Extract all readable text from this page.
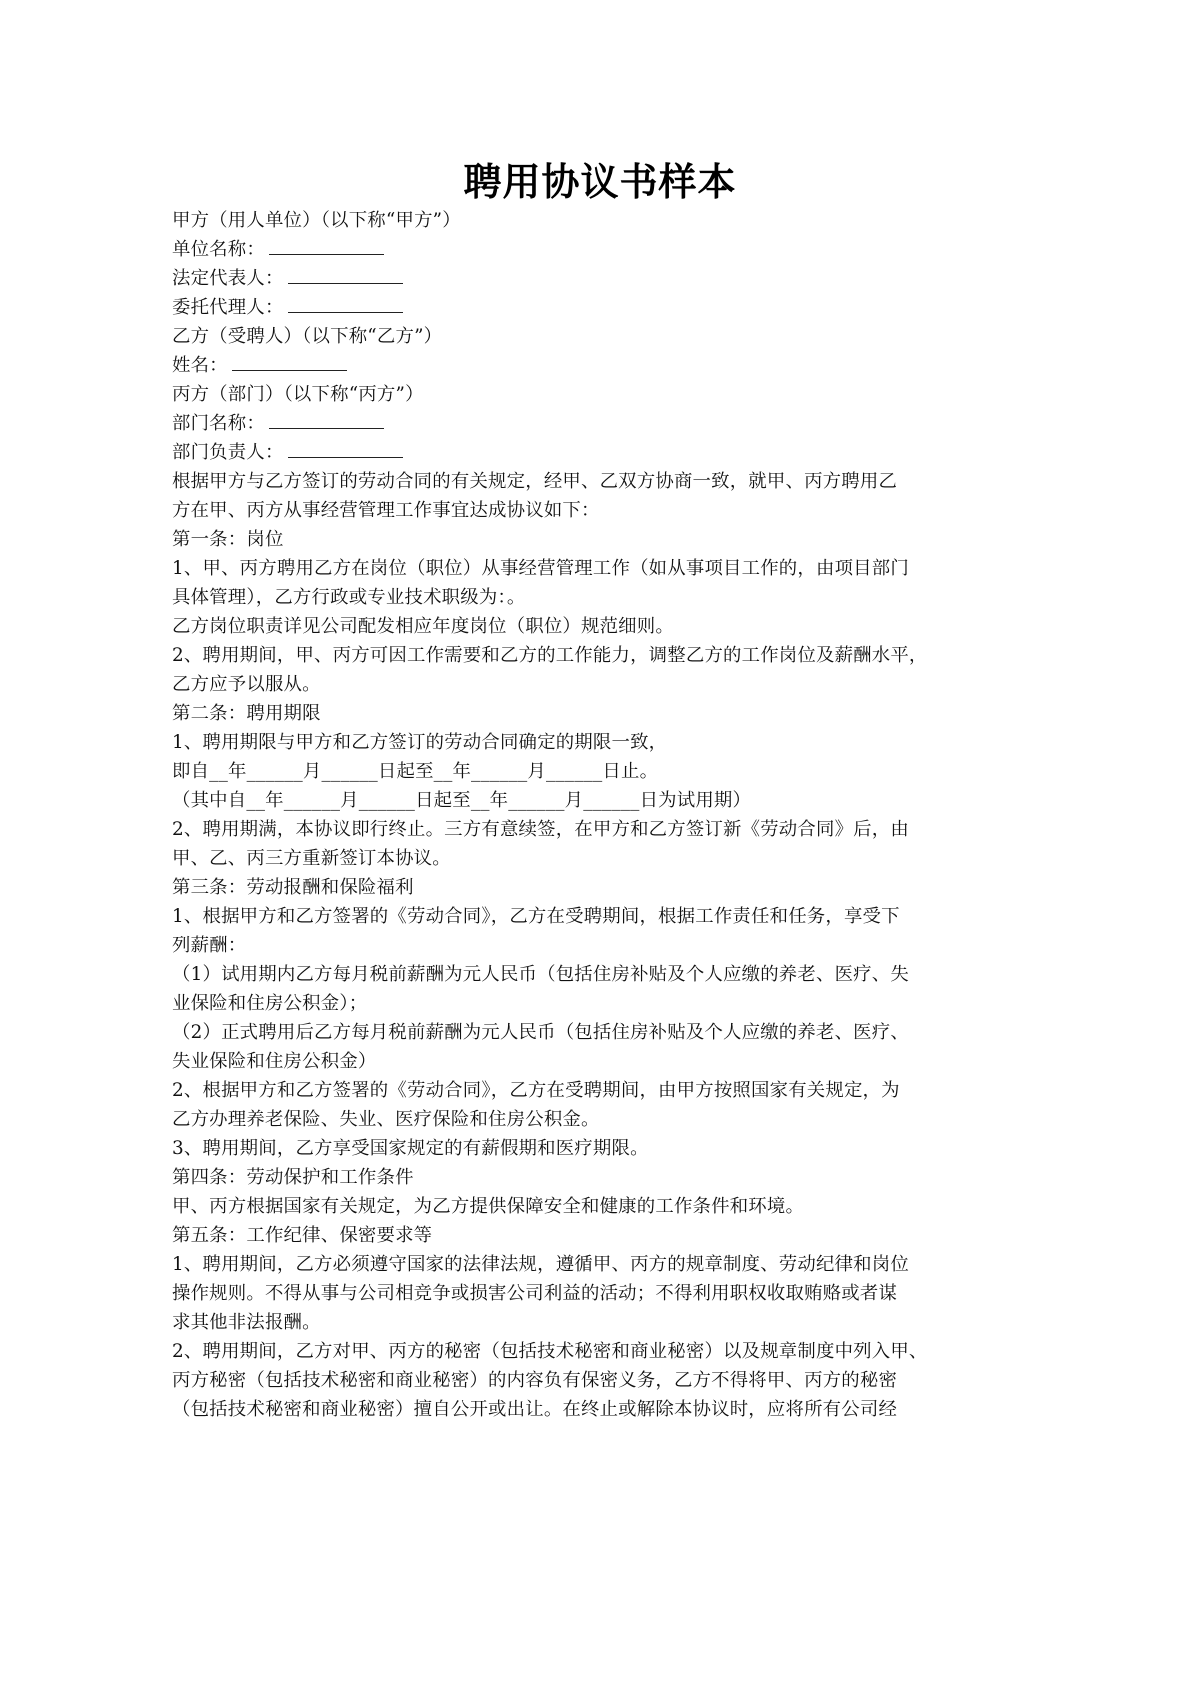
聘用协议书样本
甲方（用人单位）（以下称“甲方”）
单位名称：
法定代表人：
委托代理人：
乙方（受聘人）（以下称“乙方”）
姓名：
丙方（部门）（以下称“丙方”）
部门名称：
部门负责人：
根据甲方与乙方签订的劳动合同的有关规定，经甲、乙双方协商一致，就甲、丙方聘用乙
方在甲、丙方从事经营管理工作事宜达成协议如下：
第一条：岗位
1、甲、丙方聘用乙方在岗位（职位）从事经营管理工作（如从事项目工作的，由项目部门
具体管理），乙方行政或专业技术职级为：。
乙方岗位职责详见公司配发相应年度岗位（职位）规范细则。
2、聘用期间，甲、丙方可因工作需要和乙方的工作能力，调整乙方的工作岗位及薪酬水平，
乙方应予以服从。
第二条：聘用期限
1、聘用期限与甲方和乙方签订的劳动合同确定的期限一致，
即自__年______月______日起至__年______月______日止。
（其中自__年______月______日起至__年______月______日为试用期）
2、聘用期满，本协议即行终止。三方有意续签，在甲方和乙方签订新《劳动合同》后，由
甲、乙、丙三方重新签订本协议。
第三条：劳动报酬和保险福利
1、根据甲方和乙方签署的《劳动合同》，乙方在受聘期间，根据工作责任和任务，享受下
列薪酬：
（1）试用期内乙方每月税前薪酬为元人民币（包括住房补贴及个人应缴的养老、医疗、失
业保险和住房公积金）；
（2）正式聘用后乙方每月税前薪酬为元人民币（包括住房补贴及个人应缴的养老、医疗、
失业保险和住房公积金）
2、根据甲方和乙方签署的《劳动合同》，乙方在受聘期间，由甲方按照国家有关规定，为
乙方办理养老保险、失业、医疗保险和住房公积金。
3、聘用期间，乙方享受国家规定的有薪假期和医疗期限。
第四条：劳动保护和工作条件
甲、丙方根据国家有关规定，为乙方提供保障安全和健康的工作条件和环境。
第五条：工作纪律、保密要求等
1、聘用期间，乙方必须遵守国家的法律法规，遵循甲、丙方的规章制度、劳动纪律和岗位
操作规则。不得从事与公司相竞争或损害公司利益的活动；不得利用职权收取贿赂或者谋
求其他非法报酬。
2、聘用期间，乙方对甲、丙方的秘密（包括技术秘密和商业秘密）以及规章制度中列入甲、
丙方秘密（包括技术秘密和商业秘密）的内容负有保密义务，乙方不得将甲、丙方的秘密
（包括技术秘密和商业秘密）擅自公开或出让。在终止或解除本协议时，应将所有公司经
